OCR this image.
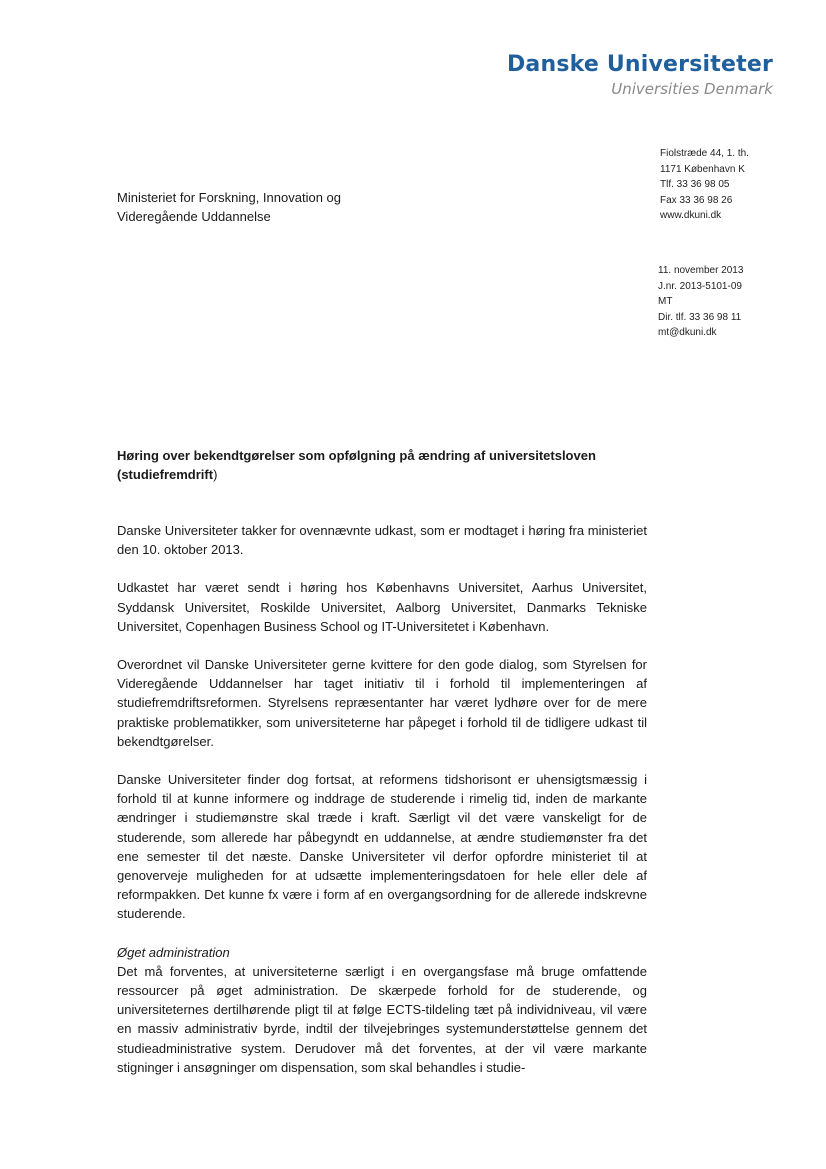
Danske Universiteter
Universities Denmark
Fiolstræde 44, 1. th.
1171 København K
Tlf. 33 36 98 05
Fax 33 36 98 26
www.dkuni.dk
Ministeriet for Forskning, Innovation og
Videregående Uddannelse
11. november 2013
J.nr. 2013-5101-09
MT
Dir. tlf. 33 36 98 11
mt@dkuni.dk
Høring over bekendtgørelser som opfølgning på ændring af universitetsloven (studiefremdrift)

Danske Universiteter takker for ovennævnte udkast, som er modtaget i høring fra ministeriet den 10. oktober 2013.

Udkastet har været sendt i høring hos Københavns Universitet, Aarhus Universitet, Syddansk Universitet, Roskilde Universitet, Aalborg Universitet, Danmarks Tekniske Universitet, Copenhagen Business School og IT-Universitetet i København.

Overordnet vil Danske Universiteter gerne kvittere for den gode dialog, som Styrelsen for Videregående Uddannelser har taget initiativ til i forhold til implementeringen af studiefremdriftsreformen. Styrelsens repræsentanter har været lydhøre over for de mere praktiske problematikker, som universiteterne har påpeget i forhold til de tidligere udkast til bekendtgørelser.

Danske Universiteter finder dog fortsat, at reformens tidshorisont er uhensigtsmæssig i forhold til at kunne informere og inddrage de studerende i rimelig tid, inden de markante ændringer i studiemønstre skal træde i kraft. Særligt vil det være vanskeligt for de studerende, som allerede har påbegyndt en uddannelse, at ændre studiemønster fra det ene semester til det næste. Danske Universiteter vil derfor opfordre ministeriet til at genoverveje muligheden for at udsætte implementeringsdatoen for hele eller dele af reformpakken. Det kunne fx være i form af en overgangsordning for de allerede indskrevne studerende.

Øget administration

Det må forventes, at universiteterne særligt i en overgangsfase må bruge omfattende ressourcer på øget administration. De skærpede forhold for de studerende, og universiteternes dertilhørende pligt til at følge ECTS-tildeling tæt på individniveau, vil være en massiv administrativ byrde, indtil der tilvejebringes systemunderstøttelse gennem det studieadministrative system. Derudover må det forventes, at der vil være markante stigninger i ansøgninger om dispensation, som skal behandles i studie-
